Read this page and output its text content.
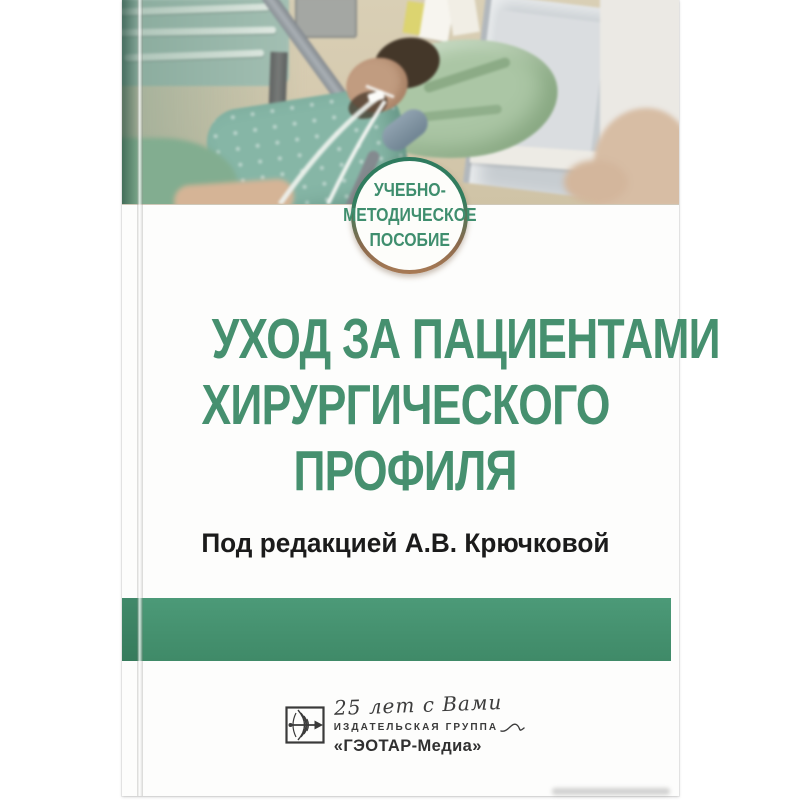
УЧЕБНО-
МЕТОДИЧЕСКОЕ
ПОСОБИЕ
УХОД ЗА ПАЦИЕНТАМИ
ХИРУРГИЧЕСКОГО
ПРОФИЛЯ
Под редакцией А.В. Крючковой
25 лет с Вами
ИЗДАТЕЛЬСКАЯ ГРУППА
«ГЭОТАР-Медиа»
